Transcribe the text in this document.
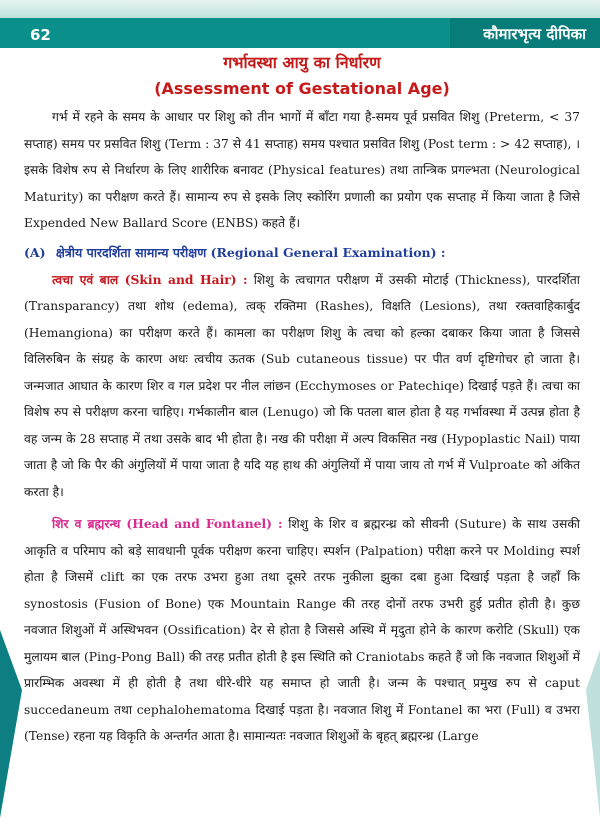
62	कौमारभृत्य दीपिका
गर्भावस्था आयु का निर्धारण
(Assessment of Gestational Age)

गर्भ में रहने के समय के आधार पर शिशु को तीन भागों में बाँटा गया है-समय पूर्व प्रसवित शिशु (Preterm, < 37 सप्ताह) समय पर प्रसवित शिशु (Term : 37 से 41 सप्ताह) समय पश्चात प्रसवित शिशु (Post term : > 42 सप्ताह), । इसके विशेष रुप से निर्धारण के लिए शारीरिक बनावट (Physical features) तथा तान्त्रिक प्रगल्भता (Neurological Maturity) का परीक्षण करते हैं। सामान्य रुप से इसके लिए स्कोरिंग प्रणाली का प्रयोग एक सप्ताह में किया जाता है जिसे Expended New Ballard Score (ENBS) कहते हैं।

(A) क्षेत्रीय पारदर्शिता सामान्य परीक्षण (Regional General Examination) :

त्वचा एवं बाल (Skin and Hair) : शिशु के त्वचागत परीक्षण में उसकी मोटाई (Thickness), पारदर्शिता (Transparancy) तथा शोथ (edema), त्वक् रक्तिमा (Rashes), विक्षति (Lesions), तथा रक्तवाहिकार्बुद (Hemangiona) का परीक्षण करते हैं। कामला का परीक्षण शिशु के त्वचा को हल्का दबाकर किया जाता है जिससे विलिरुबिन के संग्रह के कारण अधः त्वचीय ऊतक (Sub cutaneous tissue) पर पीत वर्ण दृष्टिगोचर हो जाता है। जन्मजात आघात के कारण शिर व गल प्रदेश पर नील लांछन (Ecchymoses or Patechiqe) दिखाई पड़ते हैं। त्वचा का विशेष रुप से परीक्षण करना चाहिए। गर्भकालीन बाल (Lenugo) जो कि पतला बाल होता है यह गर्भावस्था में उत्पन्न होता है वह जन्म के 28 सप्ताह में तथा उसके बाद भी होता है। नख की परीक्षा में अल्प विकसित नख (Hypoplastic Nail) पाया जाता है जो कि पैर की अंगुलियों में पाया जाता है यदि यह हाथ की अंगुलियों में पाया जाय तो गर्भ में Vulproate को अंकित करता है।

शिर व ब्रह्मरन्ध (Head and Fontanel) : शिशु के शिर व ब्रह्मरन्ध्र को सीवनी (Suture) के साथ उसकी आकृति व परिमाप को बड़े सावधानी पूर्वक परीक्षण करना चाहिए। स्पर्शन (Palpation) परीक्षा करने पर Molding स्पर्श होता है जिसमें clift का एक तरफ उभरा हुआ तथा दूसरे तरफ नुकीला झुका दबा हुआ दिखाई पड़ता है जहाँ कि synostosis (Fusion of Bone) एक Mountain Range की तरह दोनों तरफ उभरी हुई प्रतीत होती है। कुछ नवजात शिशुओं में अस्थिभवन (Ossification) देर से होता है जिससे अस्थि में मृदुता होने के कारण करोटि (Skull) एक मुलायम बाल (Ping-Pong Ball) की तरह प्रतीत होती है इस स्थिति को Craniotabs कहते हैं जो कि नवजात शिशुओं में प्रारम्भिक अवस्था में ही होती है तथा धीरे-धीरे यह समाप्त हो जाती है। जन्म के पश्चात् प्रमुख रुप से caput succedaneum तथा cephalohematoma दिखाई पड़ता है। नवजात शिशु में Fontanel का भरा (Full) व उभरा (Tense) रहना यह विकृति के अन्तर्गत आता है। सामान्यतः नवजात शिशुओं के बृहत् ब्रह्मरन्ध्र (Large
